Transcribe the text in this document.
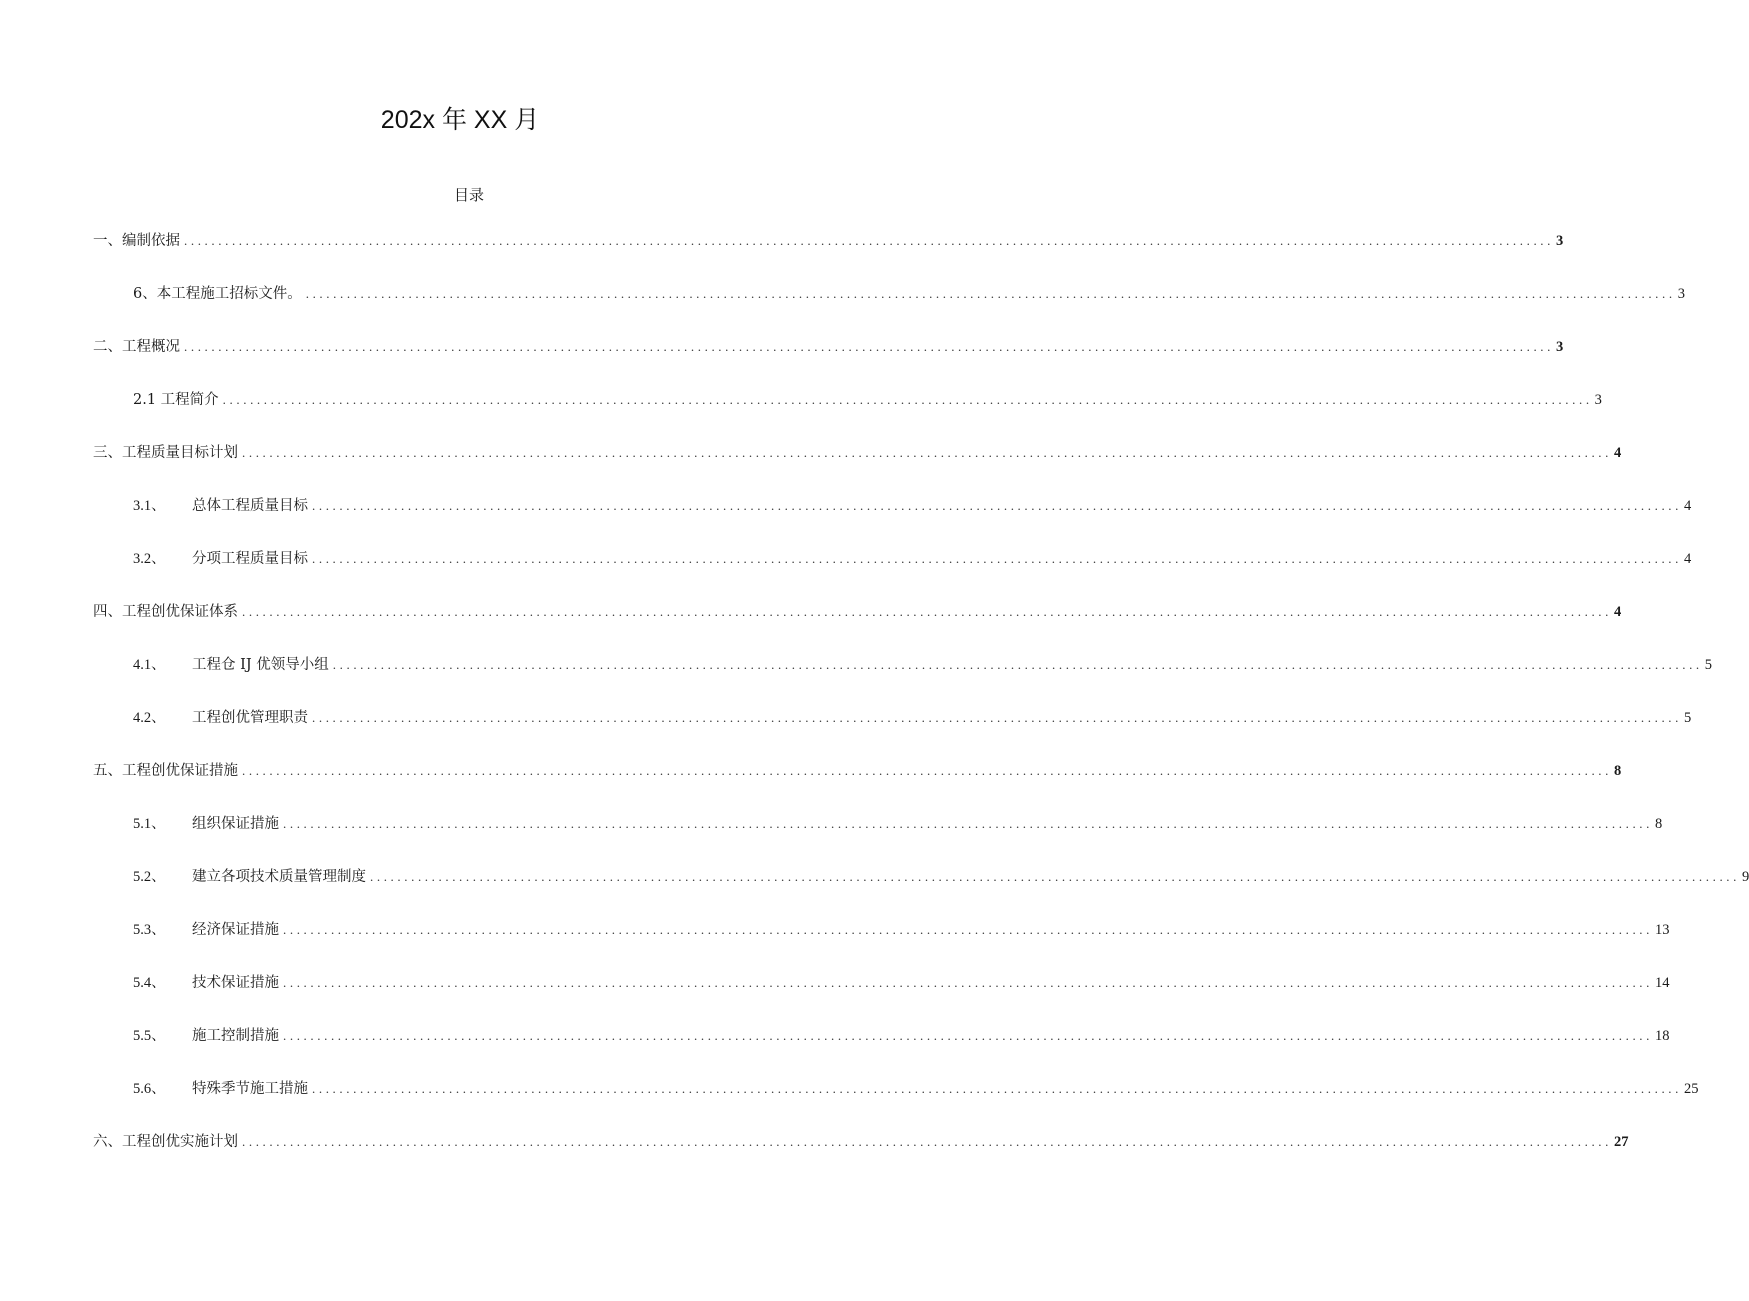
202x 年 XX 月
目录
一、编制依据 ........................................................................................................................................................................................................ 3
6、本工程施工招标文件。 ........................................................................................................................................................................................................ 3
二、工程概况 ........................................................................................................................................................................................................ 3
2.1 工程简介 ........................................................................................................................................................................................................ 3
三、工程质量目标计划 ........................................................................................................................................................................................................ 4
3.1、	总体工程质量目标 ........................................................................................................................................................................................................ 4
3.2、	分项工程质量目标 ........................................................................................................................................................................................................ 4
四、工程创优保证体系 ........................................................................................................................................................................................................ 4
4.1、	工程仓 IJ 优领导小组 ........................................................................................................................................................................................................ 5
4.2、	工程创优管理职责 ........................................................................................................................................................................................................ 5
五、工程创优保证措施 ........................................................................................................................................................................................................ 8
5.1、	组织保证措施 ........................................................................................................................................................................................................ 8
5.2、	建立各项技术质量管理制度 ........................................................................................................................................................................................................ 9
5.3、	经济保证措施 ........................................................................................................................................................................................................ 13
5.4、	技术保证措施 ........................................................................................................................................................................................................ 14
5.5、	施工控制措施 ........................................................................................................................................................................................................ 18
5.6、	特殊季节施工措施 ........................................................................................................................................................................................................ 25
六、工程创优实施计划 ........................................................................................................................................................................................................ 27
